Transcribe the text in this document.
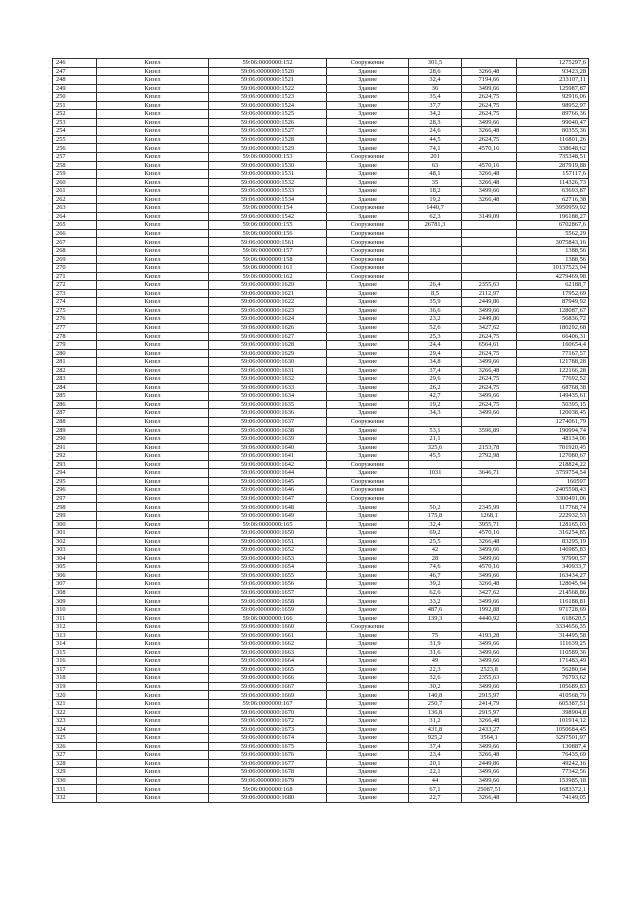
246	Кизел	59:06:0000000:152	Сооружение	301,5		1275297,6
247	Кизел	59:06:0000000:1520	Здание	28,6	3266,48	93423,28
248	Кизел	59:06:0000000:1521	Здание	32,4	7194,66	233107,11
249	Кизел	59:06:0000000:1522	Здание	36	3499,66	125987,87
250	Кизел	59:06:0000000:1523	Здание	35,4	2624,75	92916,06
251	Кизел	59:06:0000000:1524	Здание	37,7	2624,75	98952,97
252	Кизел	59:06:0000000:1525	Здание	34,2	2624,75	89766,36
253	Кизел	59:06:0000000:1526	Здание	28,3	3499,66	99040,47
254	Кизел	59:06:0000000:1527	Здание	24,6	3266,48	80355,36
255	Кизел	59:06:0000000:1528	Здание	44,5	2624,75	116801,26
256	Кизел	59:06:0000000:1529	Здание	74,1	4570,16	338648,62
257	Кизел	59:06:0000000:153	Сооружение	201		735348,51
258	Кизел	59:06:0000000:1530	Здание	63	4570,16	287919,88
259	Кизел	59:06:0000000:1531	Здание	48,1	3266,48	157117,6
260	Кизел	59:06:0000000:1532	Здание	35	3266,48	114326,73
261	Кизел	59:06:0000000:1533	Здание	18,2	3499,66	63693,87
262	Кизел	59:06:0000000:1534	Здание	19,2	3266,48	62716,38
263	Кизел	59:06:0000000:154	Сооружение	1440,7		3950959,92
264	Кизел	59:06:0000000:1542	Здание	62,3	3149,09	196188,27
265	Кизел	59:06:0000000:155	Сооружение	26781,3		6702867,6
266	Кизел	59:06:0000000:156	Сооружение			5562,29
267	Кизел	59:06:0000000:1561	Сооружение			3075843,16
268	Кизел	59:06:0000000:157	Сооружение			1388,56
269	Кизел	59:06:0000000:158	Сооружение			1388,56
270	Кизел	59:06:0000000:161	Сооружение			10137523,94
271	Кизел	59:06:0000000:162	Сооружение			4279469,98
272	Кизел	59:06:0000000:1620	Здание	26,4	2355,63	62188,7
273	Кизел	59:06:0000000:1621	Здание	8,5	2112,97	17952,69
274	Кизел	59:06:0000000:1622	Здание	35,9	2449,86	87949,92
275	Кизел	59:06:0000000:1623	Здание	36,6	3499,66	128087,67
276	Кизел	59:06:0000000:1624	Здание	23,2	2449,86	56836,72
277	Кизел	59:06:0000000:1626	Здание	52,6	3427,62	180292,68
278	Кизел	59:06:0000000:1627	Здание	25,3	2624,75	66406,31
279	Кизел	59:06:0000000:1628	Здание	24,4	6564,61	160654,4
280	Кизел	59:06:0000000:1629	Здание	29,4	2624,75	77167,57
281	Кизел	59:06:0000000:1630	Здание	34,8	3499,66	121788,28
282	Кизел	59:06:0000000:1631	Здание	37,4	3266,48	122166,28
283	Кизел	59:06:0000000:1632	Здание	29,6	2624,75	77692,52
284	Кизел	59:06:0000000:1633	Здание	26,2	2624,75	68768,38
285	Кизел	59:06:0000000:1634	Здание	42,7	3499,66	149435,61
286	Кизел	59:06:0000000:1635	Здание	19,2	2624,75	50395,15
287	Кизел	59:06:0000000:1636	Здание	34,3	3499,66	120038,45
288	Кизел	59:06:0000000:1637	Сооружение			1274061,79
289	Кизел	59:06:0000000:1638	Здание	53,1	3596,89	190994,74
290	Кизел	59:06:0000000:1639	Здание	21,1		48134,06
291	Кизел	59:06:0000000:1640	Здание	325,6	2153,78	701920,45
292	Кизел	59:06:0000000:1641	Здание	45,5	2792,98	127080,67
293	Кизел	59:06:0000000:1642	Сооружение			218824,22
294	Кизел	59:06:0000000:1644	Здание	1031	3646,71	3759754,54
295	Кизел	59:06:0000000:1645	Сооружение			160597
296	Кизел	59:06:0000000:1646	Сооружение			2405598,43
297	Кизел	59:06:0000000:1647	Сооружение			3300491,06
298	Кизел	59:06:0000000:1648	Здание	50,2	2345,99	117768,74
299	Кизел	59:06:0000000:1649	Здание	175,8	1268,1	222932,53
300	Кизел	59:06:0000000:165	Здание	32,4	3955,71	128165,03
301	Кизел	59:06:0000000:1650	Здание	69,2	4570,16	316254,85
302	Кизел	59:06:0000000:1651	Здание	25,5	3266,48	83295,19
303	Кизел	59:06:0000000:1652	Здание	42	3499,66	146985,83
304	Кизел	59:06:0000000:1653	Здание	28	3499,66	97990,57
305	Кизел	59:06:0000000:1654	Здание	74,6	4570,16	340933,7
306	Кизел	59:06:0000000:1655	Здание	46,7	3499,66	163434,27
307	Кизел	59:06:0000000:1656	Здание	39,2	3266,48	128045,94
308	Кизел	59:06:0000000:1657	Здание	62,6	3427,62	214568,86
309	Кизел	59:06:0000000:1658	Здание	33,2	3499,66	116188,81
310	Кизел	59:06:0000000:1659	Здание	487,6	1992,88	971728,69
311	Кизел	59:06:0000000:166	Здание	139,3	4440,92	618620,5
312	Кизел	59:06:0000000:1660	Сооружение			3334656,35
313	Кизел	59:06:0000000:1661	Здание	75	4193,28	314495,58
314	Кизел	59:06:0000000:1662	Здание	31,9	3499,66	111639,25
315	Кизел	59:06:0000000:1663	Здание	31,6	3499,66	110589,36
316	Кизел	59:06:0000000:1664	Здание	49	3499,66	171483,49
317	Кизел	59:06:0000000:1665	Здание	22,3	2523,8	56280,64
318	Кизел	59:06:0000000:1666	Здание	32,6	2355,63	76793,62
319	Кизел	59:06:0000000:1667	Здание	30,2	3499,66	105689,83
320	Кизел	59:06:0000000:1669	Здание	140,8	2915,97	410568,79
321	Кизел	59:06:0000000:167	Здание	250,7	2414,79	605387,51
322	Кизел	59:06:0000000:1670	Здание	136,8	2915,97	398904,8
323	Кизел	59:06:0000000:1672	Здание	31,2	3266,48	101914,12
324	Кизел	59:06:0000000:1673	Здание	431,8	2433,27	1050684,45
325	Кизел	59:06:0000000:1674	Здание	925,2	3564,1	3297501,97
326	Кизел	59:06:0000000:1675	Здание	37,4	3499,66	130887,4
327	Кизел	59:06:0000000:1676	Здание	23,4	3266,48	76435,69
328	Кизел	59:06:0000000:1677	Здание	20,1	2449,86	49242,16
329	Кизел	59:06:0000000:1678	Здание	22,1	3499,66	77342,56
330	Кизел	59:06:0000000:1679	Здание	44	3499,66	153985,18
331	Кизел	59:06:0000000:168	Здание	67,1	25087,51	1683372,1
332	Кизел	59:06:0000000:1680	Здание	22,7	3266,48	74149,05
